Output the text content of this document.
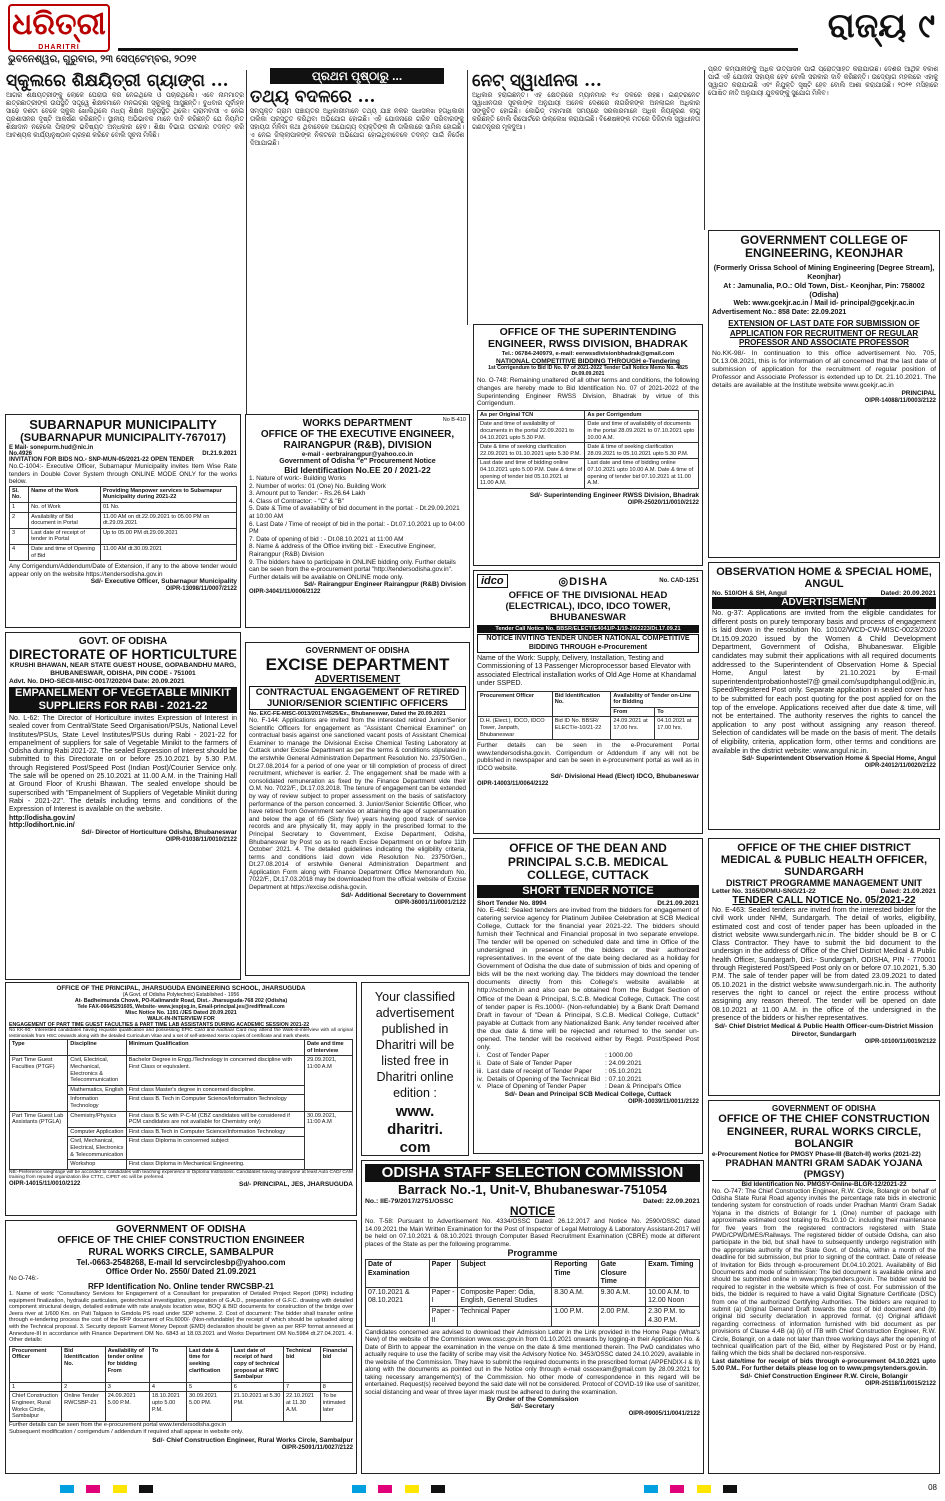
ଧରିତ୍ରୀ
DHARITRI
ଭୁବନେଶ୍ୱର, ଗୁରୁବାର, ୨୩ ସେପ୍ଟେମ୍ବର, ୨୦୨୧
ରାଜ୍ୟ ୯
ସ୍କୁଲରେ ଶିକ୍ଷୟିତ୍ରୀ ଗ୍ୟାଙ୍ଗ ...
ଆଗର ଶିକ୍ଷୟିତ୍ରୀଙ୍କୁ ଲୋକେ ଘେରାଉ କରି ନେଇଥିଲେ ଓ ପଚାରିଥିଲେ। ଏବେ ନାମମାତ୍ର ଛାତ୍ରଛାତ୍ରୀଙ୍କ ଉପସ୍ଥିତି ସତ୍ତ୍ୱେ ଶିକ୍ଷକମାନେ ମନଇଚ୍ଛା ସ୍କୁଲକୁ ଆସୁଛନ୍ତି। ବୁଧବାର ପୂର୍ବାହ୍ନ ସାଢ଼େ ଦଶଟା ବେଳେ ସ୍କୁଲ ଖୋଲିଥିଲେ ମଧ୍ୟ ଶିକ୍ଷକ ଅନୁପସ୍ଥିତ ଥିଲେ। ଗ୍ରାମବାସୀ ଏ ନେଇ ପ୍ରଶାସନର ଦୃଷ୍ଟି ଆକର୍ଷଣ କରିଛନ୍ତି। ସ୍ଥାନୀୟ ଅଭିଭାବକ ମାନେ ଦାବି କରିଛନ୍ତି ଯେ ନିୟମିତ ଶିକ୍ଷାଦାନ ନହେଲେ ପିଲାଙ୍କ ଭବିଷ୍ୟତ ଅନ୍ଧକାର ହେବ। ଶିକ୍ଷା ବିଭାଗ ଘଟଣାର ତଦନ୍ତ କରି ଆବଶ୍ୟକ କାର୍ଯ୍ୟାନୁଷ୍ଠାନ ଗ୍ରହଣ କରିବେ ବୋଲି ସୂଚନା ମିଳିଛି।
ପ୍ରଥମ ପୃଷ୍ଠାରୁ ...
ତଥ୍ୟ ବଦଳରେ ...
ସମ୍ପୃକ୍ତ ଗ୍ରାମ ପଞ୍ଚାୟତର ଅଧିକାରୀମାନେ ତଥ୍ୟ ଯାଞ୍ଚ ନକରି ସିଧାସଳଖ ହିତାଧିକାରୀ ତାଲିକା ପ୍ରସ୍ତୁତ କରିଥିବା ଅଭିଯୋଗ ହୋଇଛି। ଏହି ଯୋଜନାରେ ଗରିବ ପରିବାରଙ୍କୁ ସହାୟତା ମିଳିବା କଥା ଥିବାବେଳେ ଅଯୋଗ୍ୟ ବ୍ୟକ୍ତିଙ୍କ ନାଁ ତାଲିକାରେ ସାମିଲ ହୋଇଛି। ଏ ନେଇ ଜିଲ୍ଲାପାଳଙ୍କ ନିକଟରେ ଅଭିଯୋଗ ହୋଇଥିବାବେଳେ ତଦନ୍ତ ପାଇଁ ନିର୍ଦ୍ଦେଶ ଦିଆଯାଇଛି।
ନେଟ୍ ସ୍ୱାଧୀନତା ...
ଅଧିକାର ହରାଇଛନ୍ତି। ଏହି କ୍ଷେତ୍ରରେ ମ୍ୟାନମାର ୧୪ ଡଳରେ ରହିଛି। ଇଣ୍ଟରନେଟ ସ୍ୱାଧୀନତାର ସୂଚକାଙ୍କ ଅନୁଯାୟୀ ଅନେକ ଦେଶରେ ନାଗରିକଙ୍କ ଅନଲାଇନ ଅଧିକାର ସଙ୍କୁଚିତ ହୋଇଛି। କୋଭିଡ୍ ମହାମାରୀ ସମୟରେ ସରକାରମାନେ ଅଧିକ ନିୟନ୍ତ୍ରଣ ଲାଗୁ କରିଛନ୍ତି ବୋଲି ରିପୋର୍ଟରେ ଉଲ୍ଲେଖ କରାଯାଇଛି। ବିଶେଷଜ୍ଞଙ୍କ ମତରେ ଡିଜିଟାଲ ସ୍ୱାଧୀନତା ଗଣତନ୍ତ୍ରର ମୂଳଦୁଆ।
ପ୍ରତି କମ୍ପାନୀଙ୍କୁ ଅଧିକ ଉତ୍ପାଦନ ପାଇଁ ପ୍ରୋତ୍ସାହିତ କରାଯାଉଛି। ଦେଶର ଆର୍ଥିକ ବିକାଶ ପାଇଁ ଏହି ଯୋଜନା ସହାୟକ ହେବ ବୋଲି ସରକାର ଦାବି କରିଛନ୍ତି। ଉଦ୍ୟୋଗ ମହଲରେ ଏହାକୁ ସ୍ୱାଗତ କରାଯାଇଛି ଏବଂ ନିଯୁକ୍ତି ସୃଷ୍ଟି ହେବ ବୋଲି ଆଶା କରାଯାଉଛି। ୨୦୨୧ ମସିହାରେ ଘୋଷିତ ନୀତି ଅନୁଯାୟୀ ଯୁବକଙ୍କୁ ସୁଯୋଗ ମିଳିବ।
OFFICE OF THE SUPERINTENDING ENGINEER, RWSS DIVISION, BHADRAK
Tel.: 06784-240979, e-mail: eerwssdivisionbhadrak@gmail.com
NATIONAL COMPETITIVE BIDDING THROUGH e-Tendering
1st Corrigendum to Bid ID No. 07 of 2021-2022 Tender Call Notice Memo No. 4825 Dt.09.09.2021
No. O-748: Remaining unaltered of all other terms and conditions, the following changes are hereby made to Bid Identification No. 07 of 2021-2022 of the Superintending Engineer RWSS Division, Bhadrak by virtue of this Corrigendum.
As per Original TCN	As per Corrigendum
Date and time of availability of documents in the portal 22.09.2021 to 04.10.2021 upto 5.30 P.M.	Date and time of availability of documents in the portal 28.09.2021 to 07.10.2021 upto 10.00 A.M.
Date & time of seeking clarification 22.09.2021 to 01.10.2021 upto 5.30 P.M.	Date & time of seeking clarification 28.09.2021 to 05.10.2021 upto 5.30 P.M.
Last date and time of bidding online 04.10.2021 upto 5.00 P.M. Date & time of opening of tender bid 05.10.2021 at 11.00 A.M.	Last date and time of bidding online 07.10.2021 upto 10.00 A.M. Date & time of opening of tender bid 07.10.2021 at 11.00 A.M.
Sd/- Superintending Engineer RWSS Division, Bhadrak
OIPR-25020/11/0010/2122
GOVERNMENT COLLEGE OF ENGINEERING, KEONJHAR
(Formerly Orissa School of Mining Engineering [Degree Stream], Keonjhar)
At : Jamunalia, P.O.: Old Town, Dist.- Keonjhar, Pin: 758002 (Odisha)
Web: www.gcekjr.ac.in / Mail id- principal@gcekjr.ac.in
Advertisement No.: 858 Date: 22.09.2021
EXTENSION OF LAST DATE FOR SUBMISSION OF APPLICATION FOR RECRUITMENT OF REGULAR PROFESSOR AND ASSOCIATE PROFESSOR
No.KK-98/- In continuation to this office advertisement No. 705, Dt.13.08.2021, this is for information of all concerned that the last date of submission of application for the recruitment of regular position of Professor and Associate Professor is extended up to Dt. 21.10.2021. The details are available at the Institute website www.gcekjr.ac.in
PRINCIPAL
OIPR-14088/11/0003/2122
SUBARNAPUR MUNICIPALITY
(SUBARNAPUR MUNICIPALITY-767017)
E Mail- sonepurm.hud@nic.in
No.4926	Dt.21.9.2021
INVITATION FOR BIDS NO.- SNP-MUN-05/2021-22 OPEN TENDER
No.C-1004:- Executive Officer, Subarnapur Municipality invites Item Wise Rate tenders in Double Cover System through ONLINE MODE ONLY for the works below.
Sl. No.	Name of the Work	Providing Manpower services to Subarnapur Municipality during 2021-22
1	No. of Work	01 No.
2	Availability of Bid document in Portal	11.00 AM on dt.22.09.2021 to 05.00 PM on dt.29.09.2021
3	Last date of receipt of tender in Portal	Up to 05.00 PM dt.29.09.2021
4	Date and time of Opening of Bid	11.00 AM dt.30.09.2021
Any Corrigendum/Addendum/Date of Extension, if any to the above tender would appear only on the website https://tendersodisha.gov.in
Sd/- Executive Officer, Subarnapur Municipality
OIPR-13098/11/0007/2122
No B-410
WORKS DEPARTMENT
OFFICE OF THE EXECUTIVE ENGINEER, RAIRANGPUR (R&B), DIVISION
e-mail - eerbrairangpur@yahoo.co.in
Government of Odisha "e" Procurement Notice
Bid Identification No.EE 20 / 2021-22
1. Nature of work:- Building Works
2. Number of works: 01 (One) No. Building Work
3. Amount put to Tender: - Rs.26.64 Lakh
4. Class of Contractor: - "C" & "B"
5. Date & Time of availability of bid document in the portal: - Dt.29.09.2021 at 10:00 AM
6. Last Date / Time of receipt of bid in the portal: - Dt.07.10.2021 up to 04:00 PM
7. Date of opening of bid : - Dt.08.10.2021 at 11:00 AM
8. Name & address of the Office inviting bid: - Executive Engineer, Rairangpur (R&B) Division
9. The bidders have to participate in ONLINE bidding only. Further details can be seen from the e-procurement portal "http://tendersodisha.gov.in". Further details will be available on ONLINE mode only.
Sd/- Rairangpur Engineer Rairangpur (R&B) Division
OIPR-34041/11/0006/2122
idco	◎DISHA	No. CAD-1251
OFFICE OF THE DIVISIONAL HEAD (ELECTRICAL), IDCO, IDCO TOWER, BHUBANESWAR
Tender Call Notice No. BBSR/ELECT/E4041/P-1/19-20/2223/Dt.17.09.21
NOTICE INVITING TENDER UNDER NATIONAL COMPETITIVE BIDDING THROUGH e-Procurement
Name of the Work: Supply, Delivery, Installation, Testing and Commissioning of 13 Passenger Microprocessor based Elevator with associated Electrical installation works of Old Age Home at Khandamal under SSPED.
Procurement Officer	Bid Identification No.	Availability of Tender on-Line for Bidding	
		From	To
D.H. (Elect.), IDCO, IDCO Tower, Janpath, Bhubaneswar	Bid ID No. BBSR/ ELECT/e-10/21-22	24.09.2021 at 17.00 hrs.	04.10.2021 at 17.00 hrs.
Further details can be seen in the e-Procurement Portal www.tendersodisha.gov.in. Corrigendum or Addendum if any will not be published in newspaper and can be seen in e-procurement portal as well as in IDCO website.
Sd/- Divisional Head (Elect) IDCO, Bhubaneswar
OIPR-14003/11/0064/2122
OBSERVATION HOME & SPECIAL HOME, ANGUL
No. 510/OH & SH, Angul	Dated: 20.09.2021
ADVERTISEMENT
No. g-37: Applications are invited from the eligible candidates for different posts on purely temporary basis and process of engagement is laid down in the resolution No. 10102/WCD-CW-MISC-0023/2020 Dt.15.09.2020 issued by the Women & Child Development Department, Government of Odisha, Bhubaneswar. Eligible candidates may submit their applications with all required documents addressed to the Superintendent of Observation Home & Special Home, Angul latest by 21.10.2021 by E-mail superintendentprobationhostel7@ gmail.com/supdtphangul.od@nic.in, Speed/Registered Post only. Separate application in sealed cover has to be submitted for each post quoting for the post applied for on the top of the envelope. Applications received after due date & time, will not be entertained. The authority reserves the rights to cancel the application to any post without assigning any reason thereof. Selection of candidates will be made on the basis of merit. The details of eligibility, criteria, application form, other terms and conditions are available in the district website: www.angul.nic.in.
Sd/- Superintendent Observation Home & Special Home, Angul
OIPR-24012/11/0020/2122
GOVT. OF ODISHA
DIRECTORATE OF HORTICULTURE
KRUSHI BHAWAN, NEAR STATE GUEST HOUSE, GOPABANDHU MARG, BHUBANESWAR, ODISHA, PIN CODE - 751001
Advt. No. DHO-SECII-MISC-0017/2020/4 Date: 20.09.2021
EMPANELMENT OF VEGETABLE MINIKIT SUPPLIERS FOR RABI - 2021-22
No. L-62: The Director of Horticulture invites Expression of Interest in sealed cover from Central/State Seed Organisation/PSUs, National Level Institutes/PSUs, State Level Institutes/PSUs during Rabi - 2021-22 for empanelment of suppliers for sale of Vegetable Minikit to the farmers of Odisha during Rabi 2021-22. The sealed Expression of Interest should be submitted to this Directorate on or before 25.10.2021 by 5.30 P.M. through Registered Post/Speed Post (Indian Post)/Courier Service only. The sale will be opened on 25.10.2021 at 11.00 A.M. in the Training Hall at Ground Floor of Krushi Bhawan. The sealed envelope should be superscribed with "Empanelment of Suppliers of Vegetable Minikit during Rabi - 2021-22". The details including terms and conditions of the Expression of Interest is available on the website.
http://odisha.gov.in/
http://odihort.nic.in/
Sd/- Director of Horticulture Odisha, Bhubaneswar
OIPR-01038/11/0010/2122
GOVERNMENT OF ODISHA
EXCISE DEPARTMENT
ADVERTISEMENT
CONTRACTUAL ENGAGEMENT OF RETIRED JUNIOR/SENIOR SCIENTIFIC OFFICERS
No. EXC-FE-MISC-0013/2017/4525/Ex., Bhubaneswar, Dated the 20.09.2021
No. F-144: Applications are invited from the interested retired Junior/Senior Scientific Officers for engagement as "Assistant Chemical Examiner" on contractual basis against one sanctioned vacant posts of Assistant Chemical Examiner to manage the Divisional Excise Chemical Testing Laboratory at Cuttack under Excise Department as per the terms & conditions stipulated in the erstwhile General Administration Department Resolution No. 23750/Gen., Dt.27.08.2014 for a period of one year or till completion of process of direct recruitment, whichever is earlier. 2. The engagement shall be made with a consolidated remuneration as fixed by the Finance Department vide their O.M. No. 7022/F., Dt.17.03.2018. The tenure of engagement can be extended by way of review subject to proper assessment on the basis of satisfactory performance of the person concerned. 3. Junior/Senior Scientific Officer, who have retired from Government service on attaining the age of superannuation and below the age of 65 (Sixty five) years having good track of service records and are physically fit, may apply in the prescribed format to the Principal Secretary to Government, Excise Department, Odisha, Bhubaneswar by Post so as to reach Excise Department on or before 11th October' 2021. 4. The detailed guidelines indicating the eligibility criteria, terms and conditions laid down vide Resolution No. 23750/Gen., Dt.27.08.2014 of erstwhile General Administration Department and Application Form along with Finance Department Office Memorandum No. 7022/F., Dt.17.03.2018 may be downloaded from the official website of Excise Department at https://excise.odisha.gov.in.
Sd/- Additional Secretary to Government
OIPR-36001/11/0001/2122
OFFICE OF THE DEAN AND PRINCIPAL S.C.B. MEDICAL COLLEGE, CUTTACK
SHORT TENDER NOTICE
Short Tender No. 8994	Dt.21.09.2021
No. E-461: Sealed tenders are invited from the bidders for engagement of catering service agency for Platinum Jubilee Celebration at SCB Medical College, Cuttack for the financial year 2021-22. The bidders should furnish their Technical and Financial proposal in two separate envelope. The tender will be opened on scheduled date and time in Office of the undersigned in presence of the bidders or their authorized representatives. In the event of the date being declared as a holiday for Government of Odisha the due date of submission of bids and opening of bids will be the next working day. The bidders may download the tender documents directly from this College's website available at http://scbmch.in and also can be obtained from the Budget Section of Office of the Dean & Principal, S.C.B. Medical College, Cuttack. The cost of tender paper is Rs.1000/- (Non-refundable) by a Bank Draft Demand Draft in favour of "Dean & Principal, S.C.B. Medical College, Cuttack" payable at Cuttack from any Nationalized Bank. Any tender received after the due date & time will be rejected and returned to the sender un-opened. The tender will be received either by Regd. Post/Speed Post only.
i.	Cost of Tender Paper	: 1000.00
ii. Date of Sale of Tender Paper	: 24.09.2021
iii. Last date of receipt of Tender Paper	: 05.10.2021
iv. Details of Opening of the Technical Bid : 07.10.2021
v. Place of Opening of Tender Paper	: Dean & Principal's Office
Sd/- Dean and Principal SCB Medical College, Cuttack
OIPR-10039/11/0011/2122
OFFICE OF THE CHIEF DISTRICT MEDICAL & PUBLIC HEALTH OFFICER, SUNDARGARH
DISTRICT PROGRAMME MANAGEMENT UNIT
Letter No. 3165/DPMU-SNG/21-22	Dated: 21.09.2021
TENDER CALL NOTICE No. 05/2021-22
No. E-463: Sealed tenders are invited from the interested bidder for the civil work under NHM, Sundargarh. The detail of works, eligibility, estimated cost and cost of tender paper has been uploaded in the district website www.sundergarh.nic.in. The bidder should be B or C Class Contractor. They have to submit the bid document to the undersign in the address of Office of the Chief District Medical & Public health Officer, Sundargarh, Dist.- Sundargarh, ODISHA, PIN - 770001 through Registered Post/Speed Post only on or before 07.10.2021, 5.30 P.M. The sale of tender paper will be from dated 23.09.2021 to dated 05.10.2021 in the district website www.sundergarh.nic.in. The authority reserves the right to cancel or reject the entire process without assigning any reason thereof. The tender will be opened on date 08.10.2021 at 11.00 A.M. in the office of the undersigned in the presence of the bidders or his/her representatives.
Sd/- Chief District Medical & Public Health Officer-cum-District Mission Director, Sundargarh
OIPR-10100/11/0019/2122
OFFICE OF THE PRINCIPAL, JHARSUGUDA ENGINEERING SCHOOL, JHARSUGUDA
(A Govt. of Odisha Polytechnic) Established - 1956
At- Badheimunda Chowk, PO-Kalimandir Road, Dist.- Jharsuguda-768 202 (Odisha)
Tele FAX-06645291605, Website- www.jespjsg.in, Email-principal.jes@rediffmail.com
Misc Notice No. 1191 /JES Dated 20.09.2021
WALK-IN-INTERVIEW FOR
ENGAGEMENT OF PART TIME GUEST FACULTIES & PART TIME LAB ASSISTANTS DURING ACADEMIC SESSION 2021-22
No KK-90:- Interested candidates having requisite qualification and possessing EPIC Card and Aadhaar Card may attend the Walk-in-interview with all original testimonials from HSC onwards along with the detailed Curriculum Vitae and a set of self-attested Xerox copies of certificate and mark sheets.
Type	Discipline	Minimum Qualification	Date and time of Interview
Part Time Guest Faculties (PTGF)	Civil, Electrical, Mechanical, Electronics & Telecommunication	Bachelor Degree in Engg./Technology in concerned discipline with First Class or equivalent.	29.09.2021, 11:00 A.M
	Mathematics, English	First class Master's degree in concerned discipline.	
	Information Technology	First class B. Tech in Computer Science/Information Technology	
Part Time Guest Lab Assistants (PTGLA)	Chemistry/Physics	First class B.Sc with P-C-M (CBZ candidates will be considered if PCM candidates are not available for Chemistry only)	30.09.2021, 11:00 A.M
	Computer Application	First class B.Tech in Computer Science/Information Technology	
	Civil, Mechanical, Electrical, Electronics & Telecommunication	First class Diploma in concerned subject	
	Workshop	First class Diploma in Mechanical Engineering.	
NB:-Preference weightage will be accorded to candidates with teaching experience in Diploma Institutions. Candidates having undergone at least Auto CAD/ CAM training from reputed organization like CTTC, CIPET etc will be preferred.
OIPR-14015/11/0010/2122	Sd/- PRINCIPAL, JES, JHARSUGUDA
Your classified advertisement published in Dharitri will be listed free in Dharitri online edition :
www.
dharitri.
com
GOVERNMENT OF ODISHA
OFFICE OF THE CHIEF CONSTRUCTION ENGINEER RURAL WORKS CIRCLE, SAMBALPUR
Tel.-0663-2548268, E-mail Id servcirclesbp@yahoo.com
Office Order No. 2550/ Dated 21.09.2021
No O-746:-
RFP Identification No. Online tender RWCSBP-21
1. Name of work: "Consultancy Services for Engagement of a Consultant for preparation of Detailed Project Report (DPR) including equipment finalization, hydraulic particulars, geotechnical investigation, preparation of G.A.D., preparation of G.F.C. drawing with detailed component structural design, detailed estimate with rate analysis location wise, BOQ & BID documents for construction of the bridge over Jeera river at 1/600 Km. on Pati Talgaon to Gmdola PS road under SDP scheme. 2. Cost of document: The bidder shall transfer online through e-tendering process the cost of the RFP document of Rs.6000/- (Non-refundable) the receipt of which should be uploaded along with the Technical proposal. 3. Security deposit: Earnest Money Deposit (EMD) declaration should be given as per RFP format annexed at Annexture-III in accordance with Finance Department OM No. 6843 at 18.03.2021 and Works Department OM No.5984 dt.27.04.2021. 4. Other details:
Procurement Officer	Bid Identification No.	Availability of tender online for bidding From	To	Last date & time for seeking clarification	Last date of receipt of hard copy of technical proposal at RWC Sambalpur	Technical bid	Financial bid
1	2	3	4	5	6	7	8
Chief Construction Engineer, Rural Works Circle, Sambalpur	Online Tender RWCSBP-21	24.09.2021 5.00 P.M.	18.10.2021 upto 5.00 P.M.	30.09.2021 5.00 PM.	21.10.2021 at 5.30 PM.	22.10.2021 at 11.30 A.M.	To be intimated later
Further details can be seen from the e-procurement portal www.tendersodisha.gov.in
Subsequent modification / corrigendum / addendum if required shall appear in website only.
Sd/- Chief Construction Engineer, Rural Works Circle, Sambalpur
OIPR-25091/11/0027/2122
ODISHA STAFF SELECTION COMMISSION
Barrack No.-1, Unit-V, Bhubaneswar-751054
No.: IIE-79/2017/2751/OSSC	Dated: 22.09.2021
NOTICE
No. T-58: Pursuant to Advertisement No. 4334/OSSC Dated: 26.12.2017 and Notice No. 2590/OSSC dated 14.09.2021 the Main Written Examination for the Post of Inspector of Legal Metrology & Laboratory Assistant-2017 will be held on 07.10.2021 & 08.10.2021 through Computer Based Recruitment Examination (CBRE) mode at different places of the State as per the following programme.
Programme
Date of Examination	Paper	Subject	Reporting Time	Gate Closure Time	Exam. Timing
07.10.2021 & 08.10.2021	Paper - I	Composite Paper: Odia, English, General Studies	8.30 A.M.	9.30 A.M.	10.00 A.M. to 12.00 Noon
	Paper - II	Technical Paper	1.00 P.M.	2.00 P.M.	2.30 P.M. to 4.30 P.M.
Candidates concerned are advised to download their Admission Letter in the Link provided in the Home Page (What's New) of the website of the Commission www.ossc.gov.in from 01.10.2021 onwards by logging-in their Application No. & Date of Birth to appear the examination in the venue on the date & time mentioned therein. The PwD candidates who actually require to use the facility of scribe may visit the Advisory Notice No. 3453/OSSC dated 24.10.2029, available in the website of the Commission. They have to submit the required documents in the prescribed format (APPENDIX-I & II) along with the documents as pointed out in the Notice only through e-mail osscexam@gmail.com by 28.09.2021 for taking necessary arrangement(s) of the Commission. No other mode of correspondence in this regard will be entertained. Request(s) received beyond the said date will not be considered. Protocol of COVID-19 like use of sanitizer, social distancing and wear of three layer mask must be adhered to during the examination.
By Order of the Commission
Sd/- Secretary
OIPR-09005/11/0041/2122
GOVERNMENT OF ODISHA
OFFICE OF THE CHIEF CONSTRUCTION ENGINEER, RURAL WORKS CIRCLE, BOLANGIR
e-Procurement Notice for PMGSY Phase-III (Batch-II) works (2021-22)
PRADHAN MANTRI GRAM SADAK YOJANA (PMGSY)
Bid Identification No. PMGSY-Online-BLGR-12/2021-22
No. O-747: The Chief Construction Engineer, R.W. Circle, Bolangir on behalf of Odisha State Rural Road agency invites the percentage rate bids in electronic tendering system for construction of roads under Pradhan Mantri Gram Sadak Yojana in the districts of Bolangir for 1 (One) number of package with approximate estimated cost totaling to Rs.10.10 Cr. including their maintenance for five years from the registered contractors registered with State PWD/CPWD/MES/Railways. The registered bidder of outside Odisha, can also participate in the bid, but shall have to subsequently undergo registration with the appropriate authority of the State Govt. of Odisha, within a month of the deadline for bid submission, but prior to signing of the contract. Date of release of Invitation for Bids through e-procurement Dt.04.10.2021. Availability of Bid Documents and mode of submission: The bid document is available online and should be submitted online in www.pmgsytenders.gov.in. The bidder would be required to register in the website which is free of cost. For submission of the bids, the bidder is required to have a valid Digital Signature Certificate (DSC) from one of the authorized Certifying Authorities. The bidders are required to submit (a) Original Demand Draft towards the cost of bid document and (b) original bid security declaration in approved format. (c) Original affidavit regarding correctness of information furnished with bid document as per provisions of Clause 4.4B (a) (ii) of ITB with Chief Construction Engineer, R.W. Circle, Bolangir, on a date not later than three working days after the opening of technical qualification part of the Bid, either by Registered Post or by Hand, failing which the bids shall be declared non-responsive.
Last date/time for receipt of bids through e-procurement 04.10.2021 upto 5.00 P.M.. For further details please log on to www.pmgsytenders.gov.in.
Sd/- Chief Construction Engineer R.W. Circle, Bolangir
OIPR-25118/11/0015/2122

08
